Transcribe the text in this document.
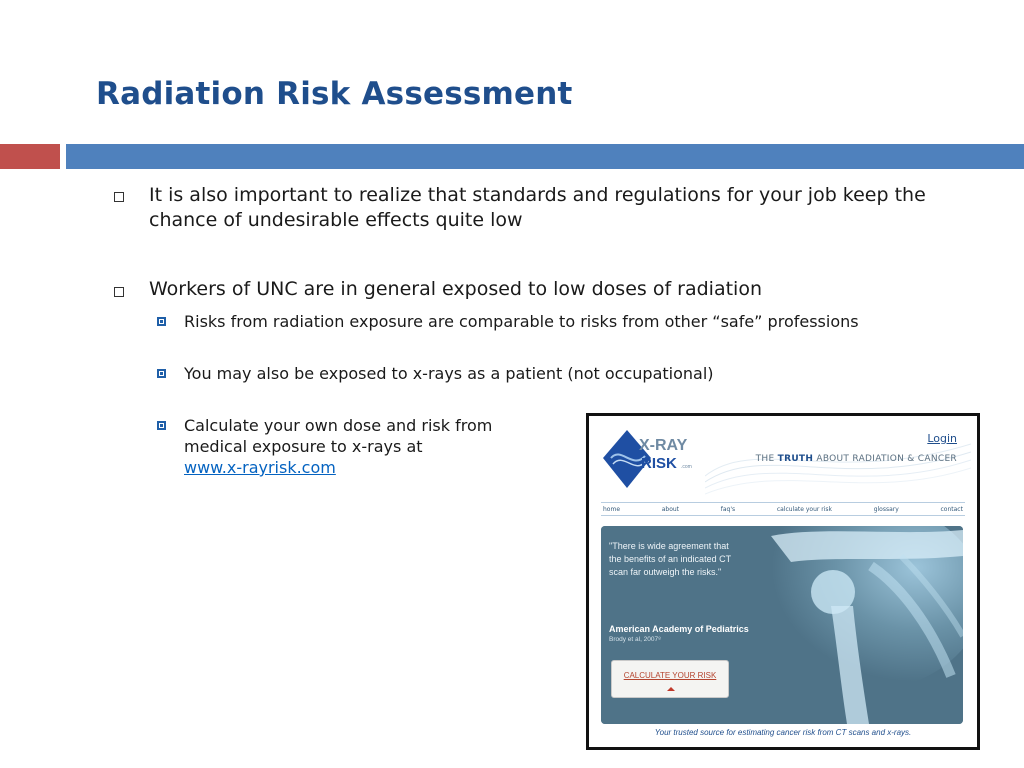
Radiation Risk Assessment
It is also important to realize that standards and regulations for your job keep the chance of undesirable effects quite low
Workers of UNC are in general exposed to low doses of radiation
Risks from radiation exposure are comparable to risks from other “safe” professions
You may also be exposed to x-rays as a patient (not occupational)
Calculate your own dose and risk from medical exposure to x-rays at
www.x-rayrisk.com
X-RAY
RISK .com
Login
THE TRUTH ABOUT RADIATION & CANCER
home	about	faq's	calculate your risk	glossary	contact
"There is wide agreement that the benefits of an indicated CT scan far outweigh the risks."
American Academy of Pediatrics
Brody et al, 2007⁸
CALCULATE YOUR RISK
Your trusted source for estimating cancer risk from CT scans and x-rays.
